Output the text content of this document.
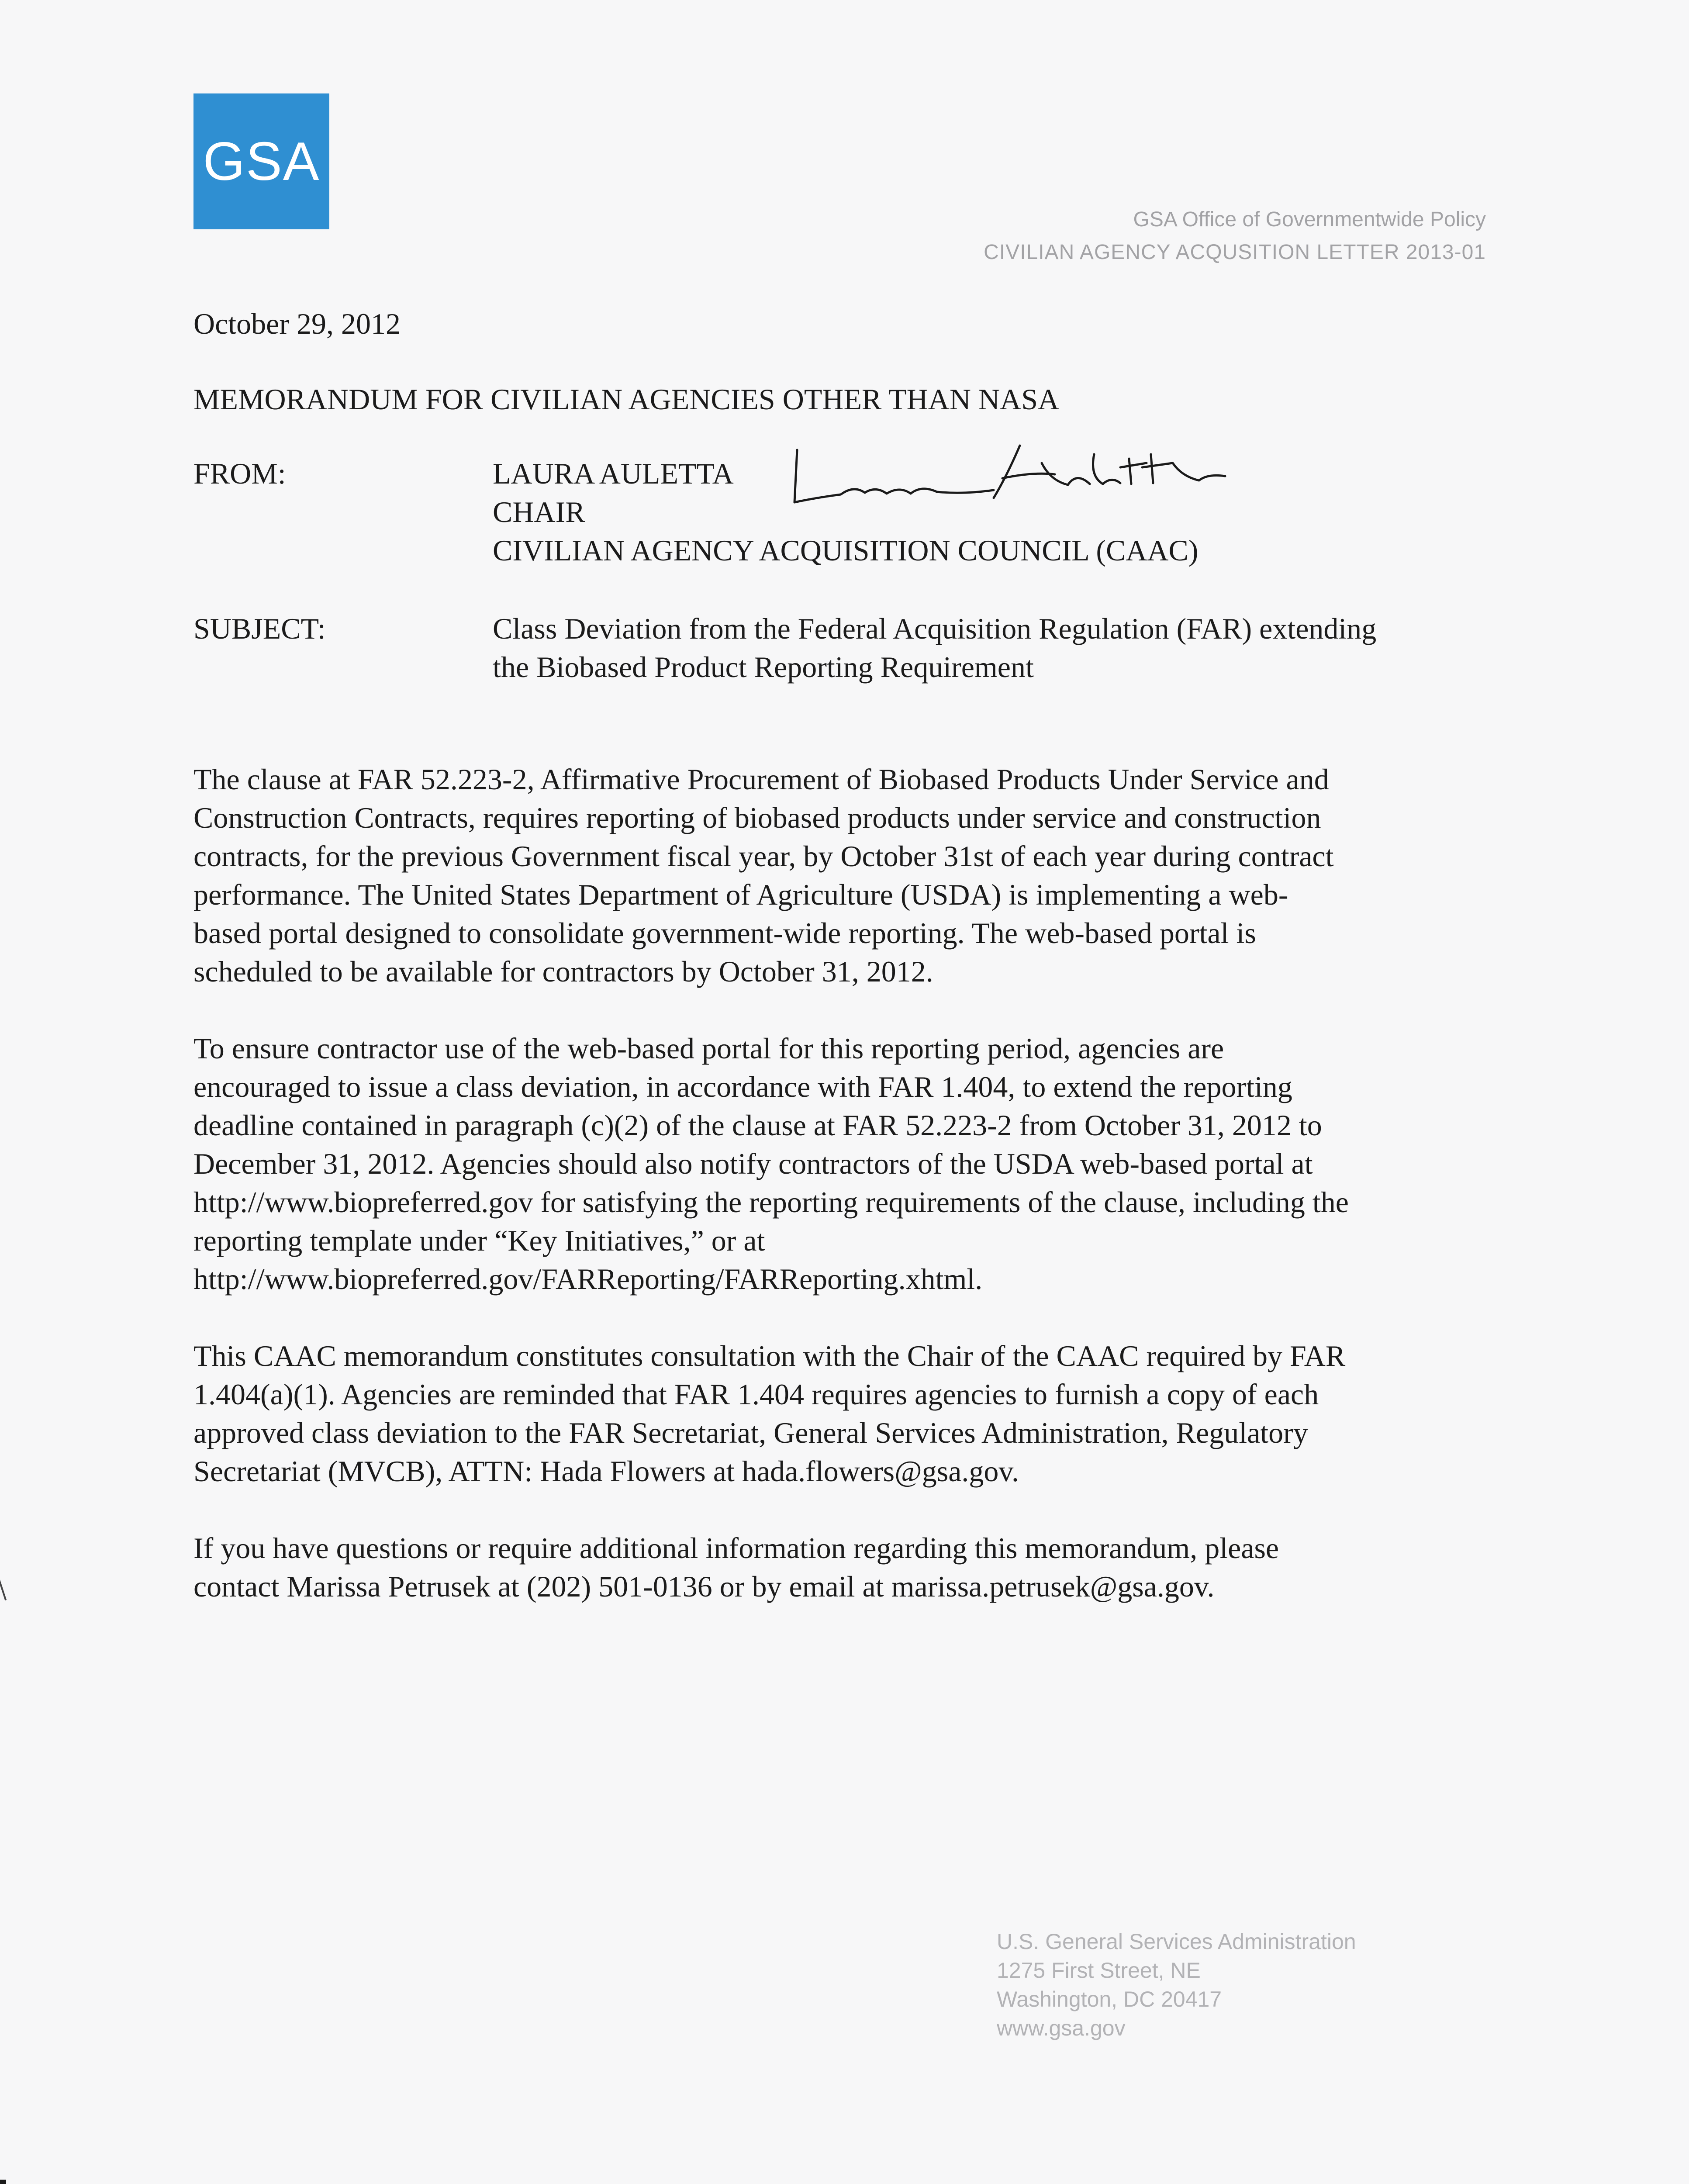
GSA
GSA Office of Governmentwide Policy
CIVILIAN AGENCY ACQUSITION LETTER 2013-01
October 29, 2012
MEMORANDUM FOR CIVILIAN AGENCIES OTHER THAN NASA
FROM:	LAURA AULETTA
CHAIR
CIVILIAN AGENCY ACQUISITION COUNCIL (CAAC)
SUBJECT:	Class Deviation from the Federal Acquisition Regulation (FAR) extending
the Biobased Product Reporting Requirement
The clause at FAR 52.223-2, Affirmative Procurement of Biobased Products Under Service and
Construction Contracts, requires reporting of biobased products under service and construction
contracts, for the previous Government fiscal year, by October 31st of each year during contract
performance. The United States Department of Agriculture (USDA) is implementing a web-
based portal designed to consolidate government-wide reporting. The web-based portal is
scheduled to be available for contractors by October 31, 2012.
To ensure contractor use of the web-based portal for this reporting period, agencies are
encouraged to issue a class deviation, in accordance with FAR 1.404, to extend the reporting
deadline contained in paragraph (c)(2) of the clause at FAR 52.223-2 from October 31, 2012 to
December 31, 2012. Agencies should also notify contractors of the USDA web-based portal at
http://www.biopreferred.gov for satisfying the reporting requirements of the clause, including the
reporting template under “Key Initiatives,” or at
http://www.biopreferred.gov/FARReporting/FARReporting.xhtml.
This CAAC memorandum constitutes consultation with the Chair of the CAAC required by FAR
1.404(a)(1). Agencies are reminded that FAR 1.404 requires agencies to furnish a copy of each
approved class deviation to the FAR Secretariat, General Services Administration, Regulatory
Secretariat (MVCB), ATTN: Hada Flowers at hada.flowers@gsa.gov.
If you have questions or require additional information regarding this memorandum, please
contact Marissa Petrusek at (202) 501-0136 or by email at marissa.petrusek@gsa.gov.
U.S. General Services Administration
1275 First Street, NE
Washington, DC 20417
www.gsa.gov
